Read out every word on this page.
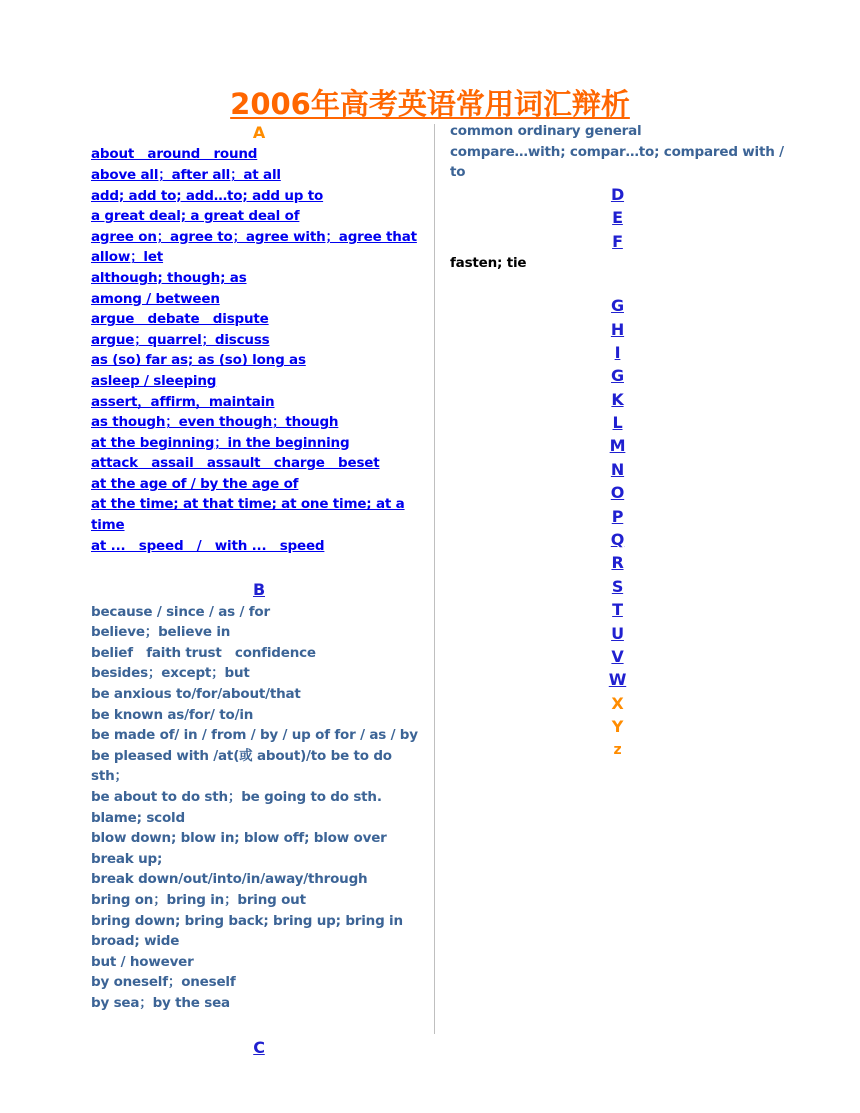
2006年高考英语常用词汇辩析
A
about　around　round
above all；after all；at all
add; add to; add…to; add up to
a great deal; a great deal of
agree on；agree to；agree with；agree that
allow；let
although; though; as
among / between
argue　debate　dispute
argue；quarrel；discuss
as (so) far as; as (so) long as
asleep / sleeping
assert，affirm，maintain
as though；even though；though
at the beginning；in the beginning
attack　assail　assault　charge　beset
at the age of / by the age of
at the time; at that time; at one time; at a time
at ...　speed　/　with ...　speed
B
because / since / as / for
believe；believe in
belief　faith trust　confidence
besides；except；but
be anxious to/for/about/that
be known as/for/ to/in
be made of/ in / from / by / up of for / as / by
be pleased with /at(或 about)/to be to do sth；
be about to do sth；be going to do sth.
blame; scold
blow down; blow in; blow off; blow over break up;
break down/out/into/in/away/through
bring on；bring in；bring out
bring down; bring back; bring up; bring in
broad; wide
but / however
by oneself；oneself
by sea；by the sea
C
common ordinary general
compare…with; compar…to; compared with / to
D
E
F
fasten; tie
G
H
I
G
K
L
M
N
O
P
Q
R
S
T
U
V
W
X
Y
z
